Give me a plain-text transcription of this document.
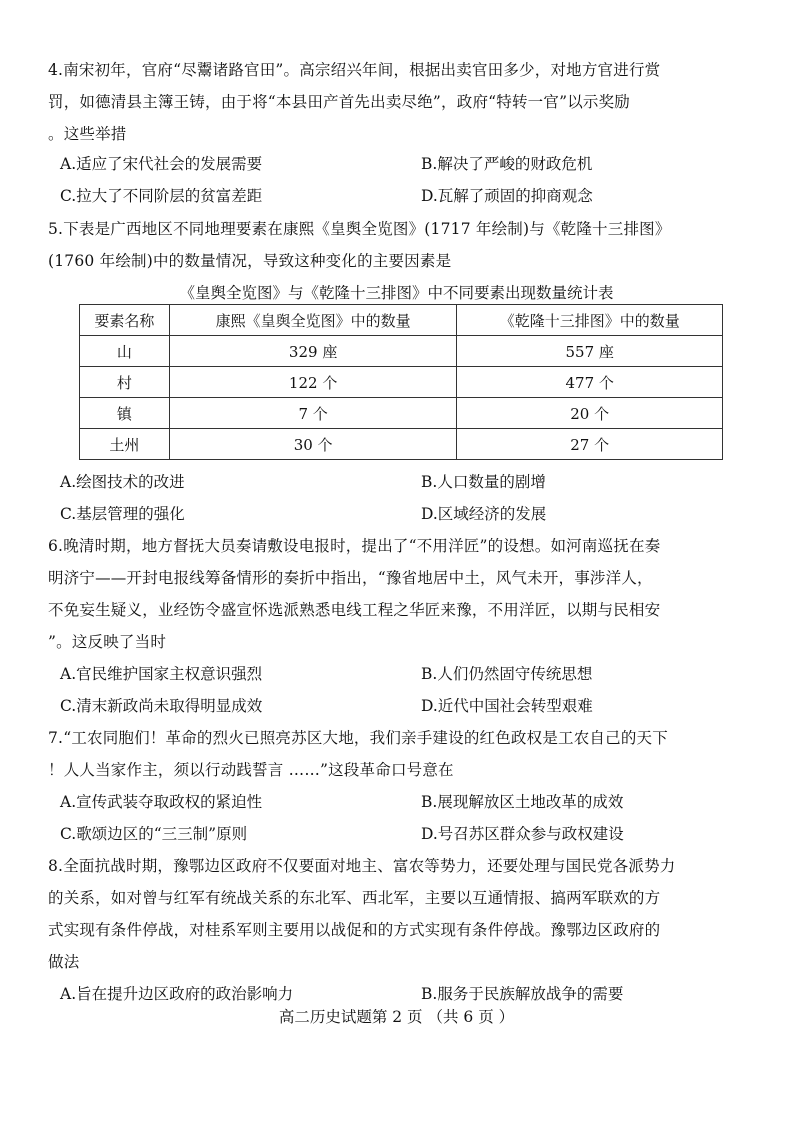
4.南宋初年，官府“尽鬻诸路官田”。高宗绍兴年间，根据出卖官田多少，对地方官进行赏
罚，如德清县主簿王铸，由于将“本县田产首先出卖尽绝”，政府“特转一官”以示奖励
。这些举措
A.适应了宋代社会的发展需要	B.解决了严峻的财政危机
C.拉大了不同阶层的贫富差距	D.瓦解了顽固的抑商观念
5.下表是广西地区不同地理要素在康熙《皇舆全览图》(1717 年绘制)与《乾隆十三排图》
(1760 年绘制)中的数量情况，导致这种变化的主要因素是
《皇舆全览图》与《乾隆十三排图》中不同要素出现数量统计表
要素名称	康熙《皇舆全览图》中的数量	《乾隆十三排图》中的数量
山	329 座	557 座
村	122 个	477 个
镇	7 个	20 个
土州	30 个	27 个
A.绘图技术的改进	B.人口数量的剧增
C.基层管理的强化	D.区域经济的发展
6.晚清时期，地方督抚大员奏请敷设电报时，提出了“不用洋匠”的设想。如河南巡抚在奏
明济宁——开封电报线筹备情形的奏折中指出，“豫省地居中土，风气未开，事涉洋人，
不免妄生疑义，业经饬令盛宣怀选派熟悉电线工程之华匠来豫，不用洋匠，以期与民相安
”。这反映了当时
A.官民维护国家主权意识强烈	B.人们仍然固守传统思想
C.清末新政尚未取得明显成效	D.近代中国社会转型艰难
7.“工农同胞们！革命的烈火已照亮苏区大地，我们亲手建设的红色政权是工农自己的天下
！人人当家作主，须以行动践誓言 ……”这段革命口号意在
A.宣传武装夺取政权的紧迫性	B.展现解放区土地改革的成效
C.歌颂边区的“三三制”原则	D.号召苏区群众参与政权建设
8.全面抗战时期，豫鄂边区政府不仅要面对地主、富农等势力，还要处理与国民党各派势力
的关系，如对曾与红军有统战关系的东北军、西北军，主要以互通情报、搞两军联欢的方
式实现有条件停战，对桂系军则主要用以战促和的方式实现有条件停战。豫鄂边区政府的
做法
A.旨在提升边区政府的政治影响力	B.服务于民族解放战争的需要
高二历史试题第 2 页 （共 6 页 ）
